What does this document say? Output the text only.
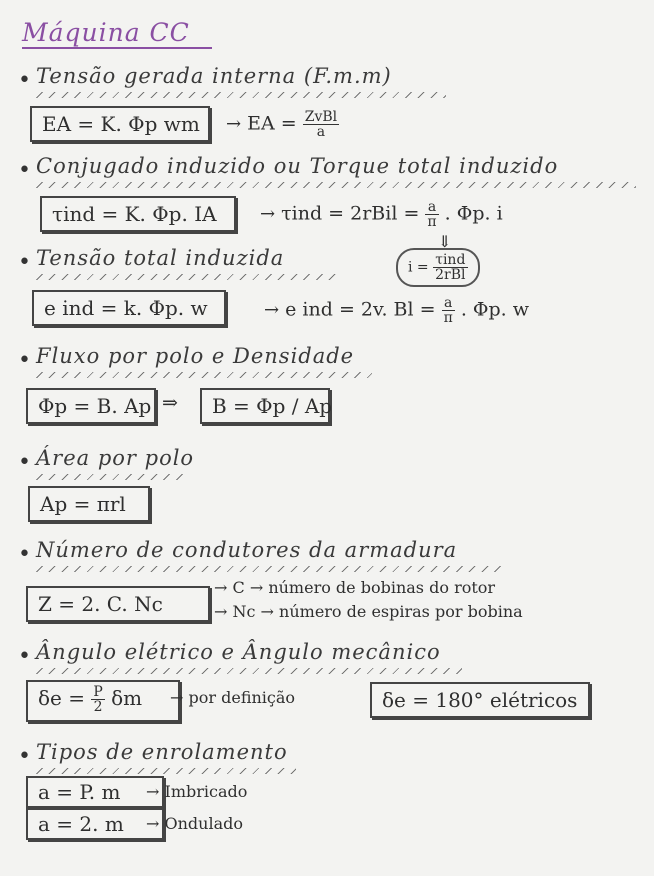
Máquina CC
• Tensão gerada interna (F.m.m)
EA = K. Φp wm	→ EA = $\frac{\text{ZvBl}}{a}$
• Conjugado induzido ou Torque total induzido
τind = K. Φp. IA	→ τind = 2rBil = $\frac{a}{\pi}$ . Φp. i
⇓
• Tensão total induzida	$i = \frac{\text{τind}}{\text{2rBl}}$
e ind = k. Φp. w	→ e ind = 2v. $Bl = \frac{a}{\pi}$ . Φp. w
• Fluxo por polo e Densidade
Φp = B. Ap ⇒	B = Φp / Ap
• Área por polo
Ap = πrl
• Número de condutores da armadura
Z = 2. C. Nc
→ C → número de bobinas do rotor
→ Nc → número de espiras por bobina
• Ângulo elétrico e Ângulo mecânico
$\delta e = \frac{P}{2}$ δm	→ por definição	δe = 180° elétricos
• Tipos de enrolamento
a = P. m	→ Imbricado
a = 2. m	→ Ondulado
